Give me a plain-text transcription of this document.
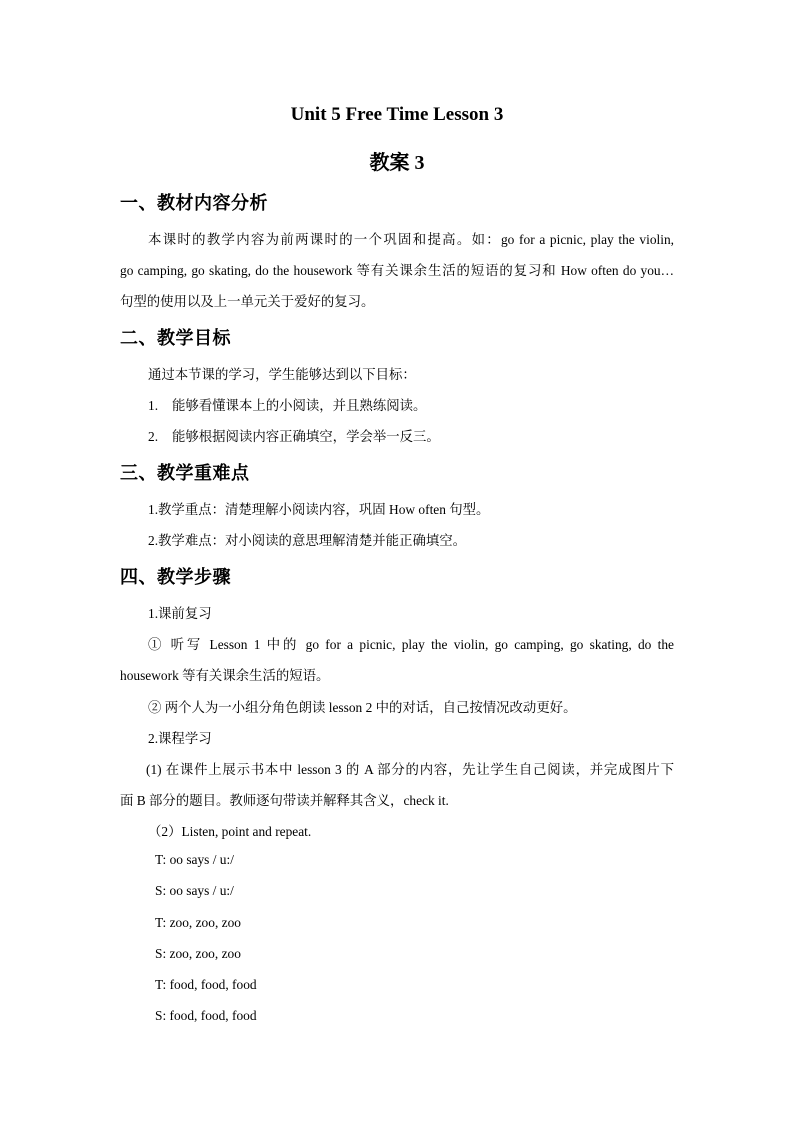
Unit 5 Free Time Lesson 3
教案 3
一、教材内容分析
本课时的教学内容为前两课时的一个巩固和提高。如：go for a picnic, play the violin,
go camping, go skating, do the housework 等有关课余生活的短语的复习和 How often do you…
句型的使用以及上一单元关于爱好的复习。
二、教学目标
通过本节课的学习，学生能够达到以下目标：
1. 能够看懂课本上的小阅读，并且熟练阅读。
2. 能够根据阅读内容正确填空，学会举一反三。
三、教学重难点
1.教学重点：清楚理解小阅读内容，巩固 How often 句型。
2.教学难点：对小阅读的意思理解清楚并能正确填空。
四、教学步骤
1.课前复习
① 听写 Lesson 1 中的 go for a picnic, play the violin, go camping, go skating, do the
housework 等有关课余生活的短语。
② 两个人为一小组分角色朗读 lesson 2 中的对话，自己按情况改动更好。
2.课程学习
(1) 在课件上展示书本中 lesson 3 的 A 部分的内容，先让学生自己阅读，并完成图片下
面 B 部分的题目。教师逐句带读并解释其含义，check it.
（2）Listen, point and repeat.
T: oo says / u:/
S: oo says / u:/
T: zoo, zoo, zoo
S: zoo, zoo, zoo
T: food, food, food
S: food, food, food
